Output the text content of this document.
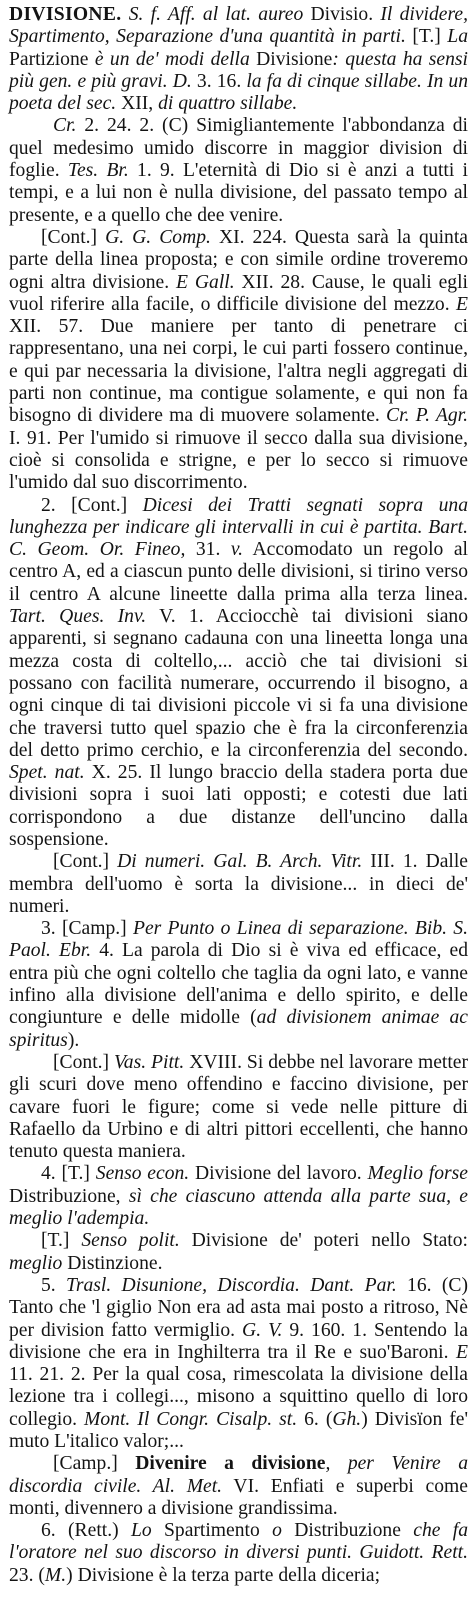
DIVISIONE. S. f. Aff. al lat. aureo Divisio. Il dividere, Spartimento, Separazione d'una quantità in parti. [T.] La Partizione è un de' modi della Divisione: questa ha sensi più gen. e più gravi. D. 3. 16. la fa di cinque sillabe. In un poeta del sec. XII, di quattro sillabe.

Cr. 2. 24. 2. (C) Simigliantemente l'abbondanza di quel medesimo umido discorre in maggior division di foglie. Tes. Br. 1. 9. L'eternità di Dio si è anzi a tutti i tempi, e a lui non è nulla divisione, del passato tempo al presente, e a quello che dee venire.

[Cont.] G. G. Comp. XI. 224. Questa sarà la quinta parte della linea proposta; e con simile ordine troveremo ogni altra divisione. E Gall. XII. 28. Cause, le quali egli vuol riferire alla facile, o difficile divisione del mezzo. E XII. 57. Due maniere per tanto di penetrare ci rappresentano, una nei corpi, le cui parti fossero continue, e qui par necessaria la divisione, l'altra negli aggregati di parti non continue, ma contigue solamente, e qui non fa bisogno di dividere ma di muovere solamente. Cr. P. Agr. I. 91. Per l'umido si rimuove il secco dalla sua divisione, cioè si consolida e strigne, e per lo secco si rimuove l'umido dal suo discorrimento.

2. [Cont.] Dicesi dei Tratti segnati sopra una lunghezza per indicare gli intervalli in cui è partita. Bart. C. Geom. Or. Fineo, 31. v. Accomodato un regolo al centro A, ed a ciascun punto delle divisioni, si tirino verso il centro A alcune lineette dalla prima alla terza linea. Tart. Ques. Inv. V. 1. Acciocchè tai divisioni siano apparenti, si segnano cadauna con una lineetta longa una mezza costa di coltello,... acciò che tai divisioni si possano con facilità numerare, occurrendo il bisogno, a ogni cinque di tai divisioni piccole vi si fa una divisione che traversi tutto quel spazio che è fra la circonferenzia del detto primo cerchio, e la circonferenzia del secondo. Spet. nat. X. 25. Il lungo braccio della stadera porta due divisioni sopra i suoi lati opposti; e cotesti due lati corrispondono a due distanze dell'uncino dalla sospensione.

[Cont.] Di numeri. Gal. B. Arch. Vitr. III. 1. Dalle membra dell'uomo è sorta la divisione... in dieci de' numeri.

3. [Camp.] Per Punto o Linea di separazione. Bib. S. Paol. Ebr. 4. La parola di Dio si è viva ed efficace, ed entra più che ogni coltello che taglia da ogni lato, e vanne infino alla divisione dell'anima e dello spirito, e delle congiunture e delle midolle (ad divisionem animae ac spiritus).

[Cont.] Vas. Pitt. XVIII. Si debbe nel lavorare metter gli scuri dove meno offendino e faccino divisione, per cavare fuori le figure; come si vede nelle pitture di Rafaello da Urbino e di altri pittori eccellenti, che hanno tenuto questa maniera.

4. [T.] Senso econ. Divisione del lavoro. Meglio forse Distribuzione, sì che ciascuno attenda alla parte sua, e meglio l'adempia.

[T.] Senso polit. Divisione de' poteri nello Stato: meglio Distinzione.

5. Trasl. Disunione, Discordia. Dant. Par. 16. (C) Tanto che 'l giglio Non era ad asta mai posto a ritroso, Nè per division fatto vermiglio. G. V. 9. 160. 1. Sentendo la divisione che era in Inghilterra tra il Re e suo'Baroni. E 11. 21. 2. Per la qual cosa, rimescolata la divisione della lezione tra i collegi..., misono a squittino quello di loro collegio. Mont. Il Congr. Cisalp. st. 6. (Gh.) Divisïon fe' muto L'italico valor;...

[Camp.] Divenire a divisione, per Venire a discordia civile. Al. Met. VI. Enfiati e superbi come monti, divennero a divisione grandissima.

6. (Rett.) Lo Spartimento o Distribuzione che fa l'oratore nel suo discorso in diversi punti. Guidott. Rett. 23. (M.) Divisione è la terza parte della diceria;
